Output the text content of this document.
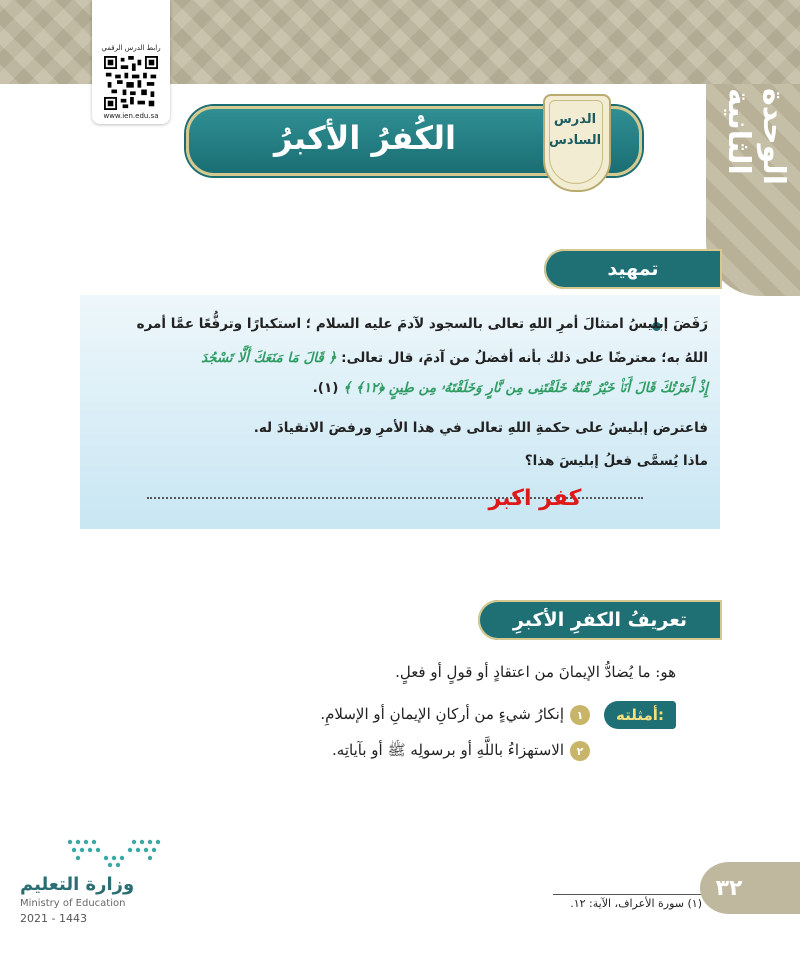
رابط الدرس الرقمي
www.ien.edu.sa	الوحدة الثانية
الكُفرُ الأكبرُ	الدرس
السادس
تمهيد
رَفَضَ إبليسُ امتثالَ أمرِ اللهِ تعالى بالسجود لآدمَ عليه السلام ؛ استكبارًا وترفُّعًا عمَّا أمره
اللهُ به؛ معترضًا على ذلك بأنه أفضلُ من آدمَ، قال تعالى: ﴿ قَالَ مَا مَنَعَكَ أَلَّا تَسْجُدَ
إِذْ أَمَرْتُكَ قَالَ أَنَا۠ خَيْرٌ مِّنْهُ خَلَقْتَنِى مِن نَّارٍ وَخَلَقْتَهُۥ مِن طِينٍ ﴿١٢﴾ ﴾ (١).
فاعترض إبليسُ على حكمةِ اللهِ تعالى في هذا الأمرِ ورفضَ الانقيادَ له.
ماذا يُسمَّى فعلُ إبليسَ هذا؟
كفر اكبر
تعريفُ الكفرِ الأكبرِ
هو: ما يُضادُّ الإيمانَ من اعتقادٍ أو قولٍ أو فعلٍ.
أمثلته:
١
إنكارُ شيءٍ من أركانِ الإيمانِ أو الإسلامِ.
٢
الاستهزاءُ باللَّهِ أو برسولِه ﷺ أو بآياتِه.
(١) سورة الأعراف، الآية: ١٢.
٣٢
وزارة التعليم
Ministry of Education
2021 - 1443
